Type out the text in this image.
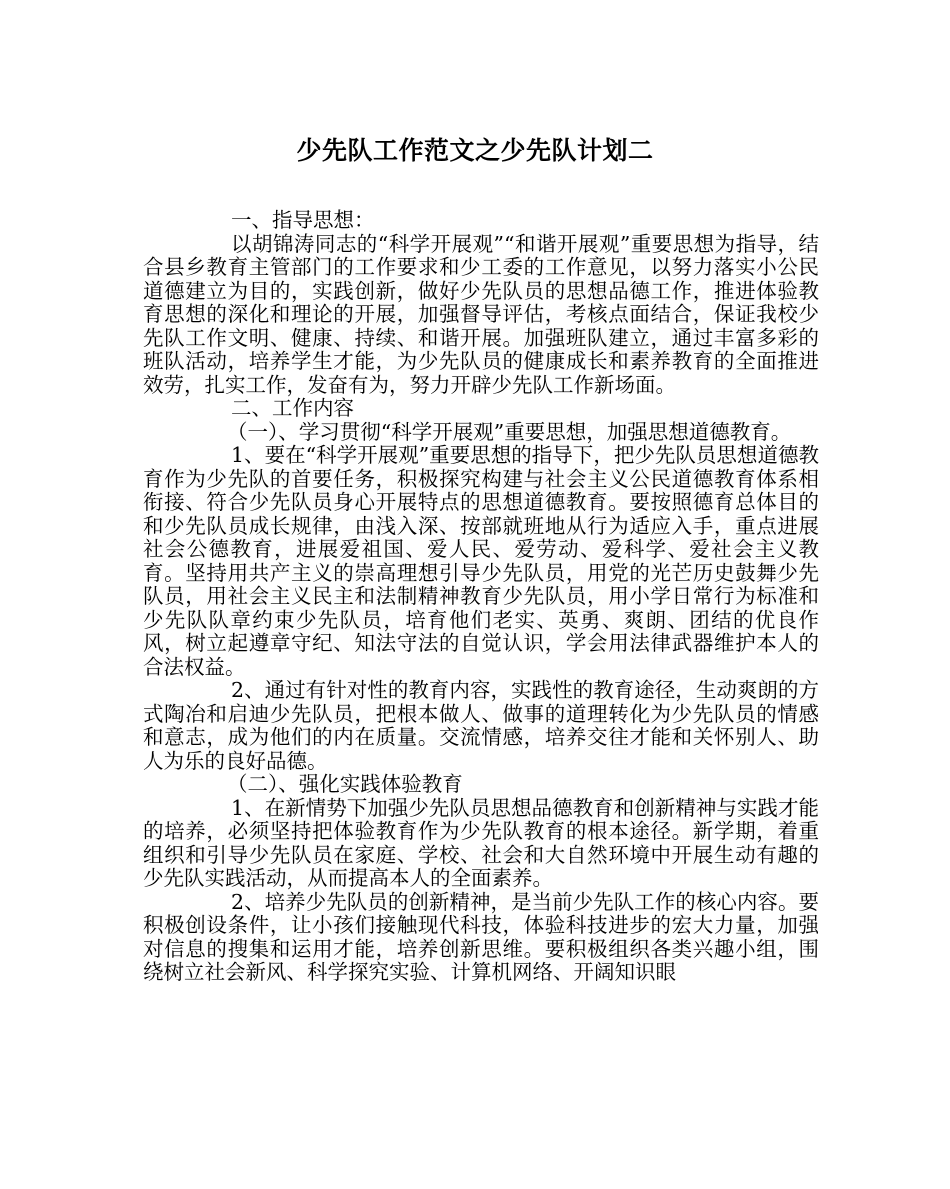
少先队工作范文之少先队计划二

一、指导思想：

以胡锦涛同志的“科学开展观”“和谐开展观”重要思想为指导，结合县乡教育主管部门的工作要求和少工委的工作意见，以努力落实小公民道德建立为目的，实践创新，做好少先队员的思想品德工作，推进体验教育思想的深化和理论的开展，加强督导评估，考核点面结合，保证我校少先队工作文明、健康、持续、和谐开展。加强班队建立，通过丰富多彩的班队活动，培养学生才能，为少先队员的健康成长和素养教育的全面推进效劳，扎实工作，发奋有为，努力开辟少先队工作新场面。

二、工作内容

（一）、学习贯彻“科学开展观”重要思想，加强思想道德教育。

1、要在“科学开展观”重要思想的指导下，把少先队员思想道德教育作为少先队的首要任务，积极探究构建与社会主义公民道德教育体系相衔接、符合少先队员身心开展特点的思想道德教育。要按照德育总体目的和少先队员成长规律，由浅入深、按部就班地从行为适应入手，重点进展社会公德教育，进展爱祖国、爱人民、爱劳动、爱科学、爱社会主义教育。坚持用共产主义的崇高理想引导少先队员，用党的光芒历史鼓舞少先队员，用社会主义民主和法制精神教育少先队员，用小学日常行为标准和少先队队章约束少先队员，培育他们老实、英勇、爽朗、团结的优良作风，树立起遵章守纪、知法守法的自觉认识，学会用法律武器维护本人的合法权益。

2、通过有针对性的教育内容，实践性的教育途径，生动爽朗的方式陶冶和启迪少先队员，把根本做人、做事的道理转化为少先队员的情感和意志，成为他们的内在质量。交流情感，培养交往才能和关怀别人、助人为乐的良好品德。

（二）、强化实践体验教育

1、在新情势下加强少先队员思想品德教育和创新精神与实践才能的培养，必须坚持把体验教育作为少先队教育的根本途径。新学期，着重组织和引导少先队员在家庭、学校、社会和大自然环境中开展生动有趣的少先队实践活动，从而提高本人的全面素养。

2、培养少先队员的创新精神，是当前少先队工作的核心内容。要积极创设条件，让小孩们接触现代科技，体验科技进步的宏大力量，加强对信息的搜集和运用才能，培养创新思维。要积极组织各类兴趣小组，围绕树立社会新风、科学探究实验、计算机网络、开阔知识眼
